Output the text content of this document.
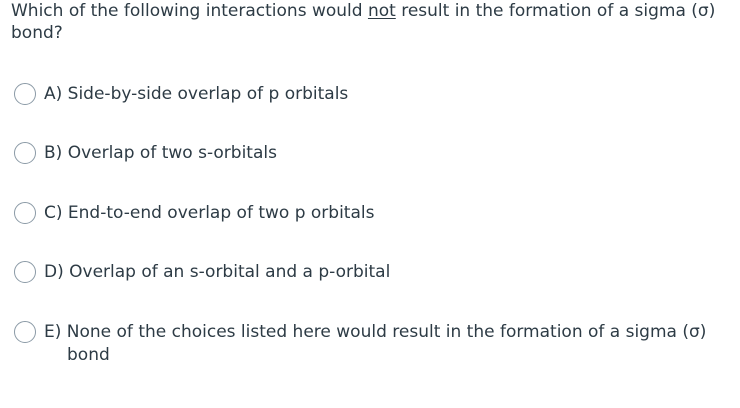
Which of the following interactions would not result in the formation of a sigma (σ) bond?
A) Side-by-side overlap of p orbitals
B) Overlap of two s-orbitals
C) End-to-end overlap of two p orbitals
D) Overlap of an s-orbital and a p-orbital
E) None of the choices listed here would result in the formation of a sigma (σ) bond
